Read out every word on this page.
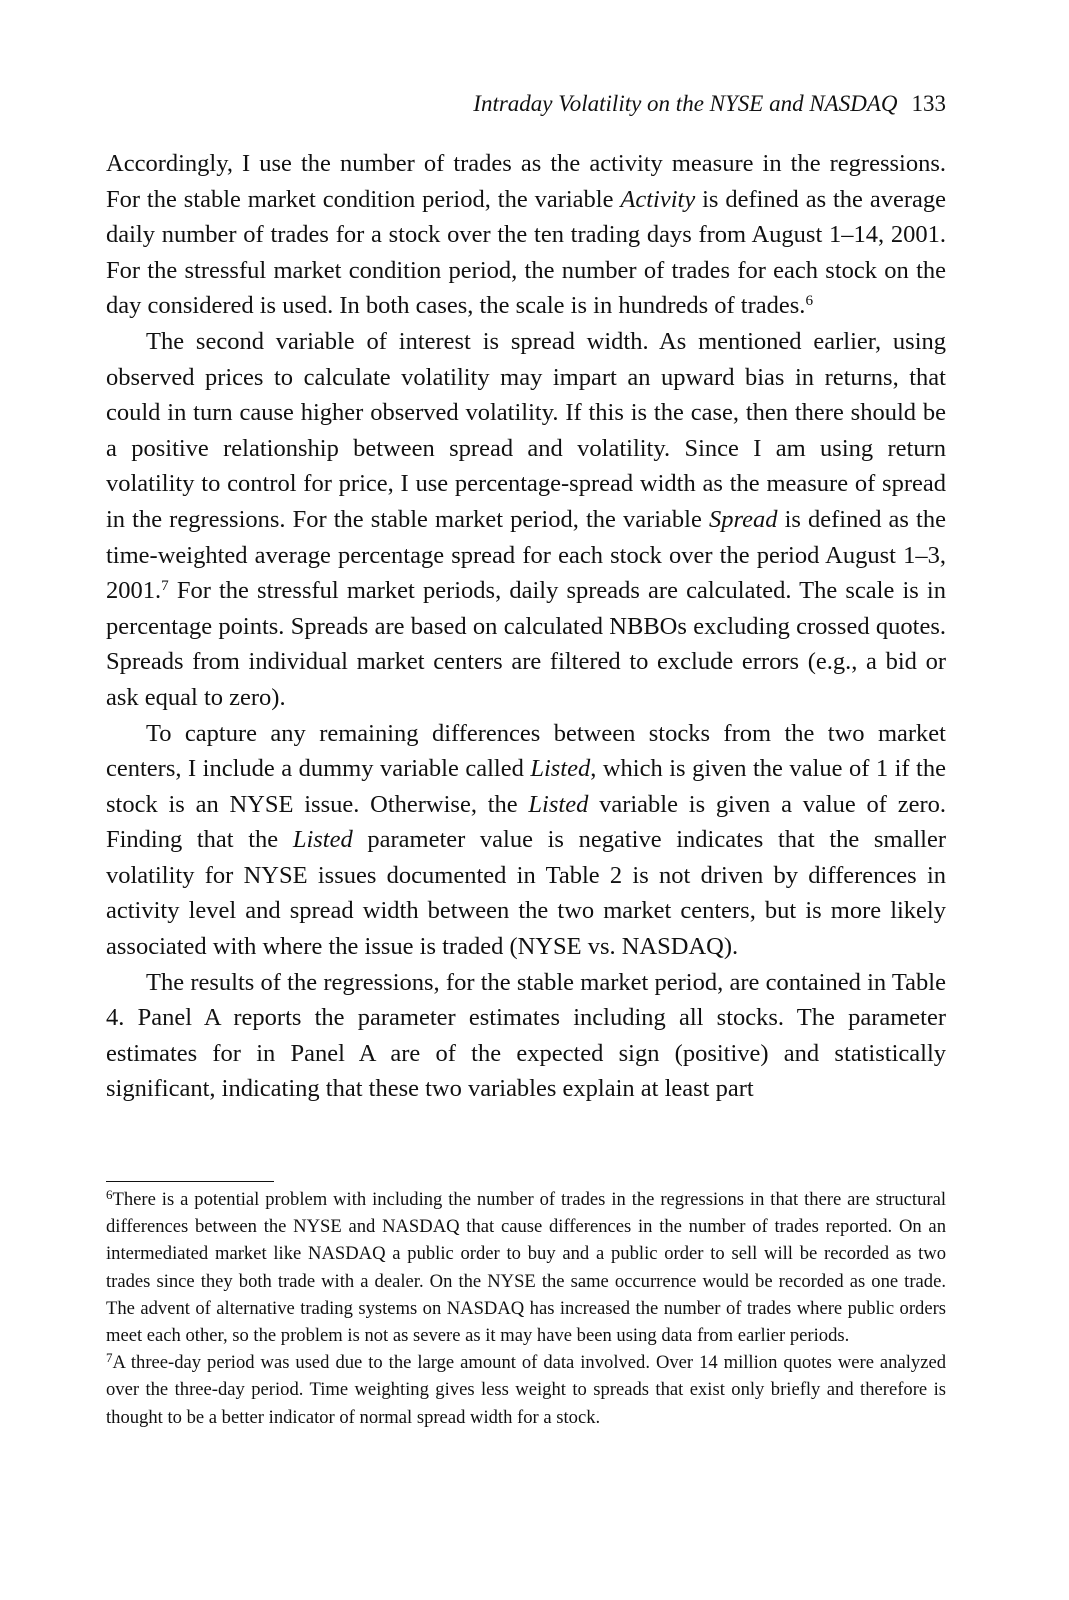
Intraday Volatility on the NYSE and NASDAQ 133

Accordingly, I use the number of trades as the activity measure in the regressions. For the stable market condition period, the variable Activity is defined as the average daily number of trades for a stock over the ten trading days from August 1–14, 2001. For the stressful market condition period, the number of trades for each stock on the day considered is used. In both cases, the scale is in hundreds of trades.$^6$

The second variable of interest is spread width. As mentioned earlier, using observed prices to calculate volatility may impart an upward bias in returns, that could in turn cause higher observed volatility. If this is the case, then there should be a positive relationship between spread and volatility. Since I am using return volatility to control for price, I use percentage-spread width as the measure of spread in the regressions. For the stable market period, the variable Spread is defined as the time-weighted average percentage spread for each stock over the period August 1–3, 2001.$^7$ For the stressful market periods, daily spreads are calculated. The scale is in percentage points. Spreads are based on calculated NBBOs excluding crossed quotes. Spreads from individual market centers are filtered to exclude errors (e.g., a bid or ask equal to zero).

To capture any remaining differences between stocks from the two market centers, I include a dummy variable called Listed, which is given the value of 1 if the stock is an NYSE issue. Otherwise, the Listed variable is given a value of zero. Finding that the Listed parameter value is negative indicates that the smaller volatility for NYSE issues documented in Table 2 is not driven by differences in activity level and spread width between the two market centers, but is more likely associated with where the issue is traded (NYSE vs. NASDAQ).

The results of the regressions, for the stable market period, are contained in Table 4. Panel A reports the parameter estimates including all stocks. The parameter estimates for in Panel A are of the expected sign (positive) and statistically significant, indicating that these two variables explain at least part

$^6$There is a potential problem with including the number of trades in the regressions in that there are structural differences between the NYSE and NASDAQ that cause differences in the number of trades reported. On an intermediated market like NASDAQ a public order to buy and a public order to sell will be recorded as two trades since they both trade with a dealer. On the NYSE the same occurrence would be recorded as one trade. The advent of alternative trading systems on NASDAQ has increased the number of trades where public orders meet each other, so the problem is not as severe as it may have been using data from earlier periods.

$^7$A three-day period was used due to the large amount of data involved. Over 14 million quotes were analyzed over the three-day period. Time weighting gives less weight to spreads that exist only briefly and therefore is thought to be a better indicator of normal spread width for a stock.
